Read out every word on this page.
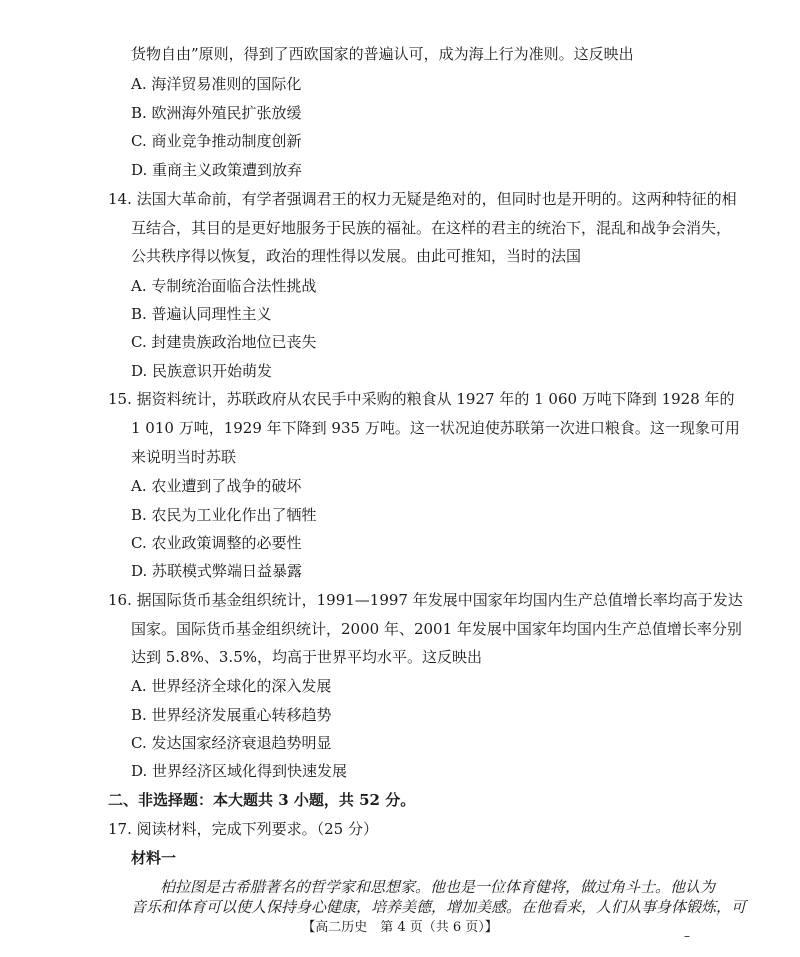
货物自由”原则，得到了西欧国家的普遍认可，成为海上行为准则。这反映出
A. 海洋贸易准则的国际化
B. 欧洲海外殖民扩张放缓
C. 商业竞争推动制度创新
D. 重商主义政策遭到放弃
14. 法国大革命前，有学者强调君王的权力无疑是绝对的，但同时也是开明的。这两种特征的相
互结合，其目的是更好地服务于民族的福祉。在这样的君主的统治下，混乱和战争会消失，
公共秩序得以恢复，政治的理性得以发展。由此可推知，当时的法国
A. 专制统治面临合法性挑战
B. 普遍认同理性主义
C. 封建贵族政治地位已丧失
D. 民族意识开始萌发
15. 据资料统计，苏联政府从农民手中采购的粮食从 1927 年的 1 060 万吨下降到 1928 年的
1 010 万吨，1929 年下降到 935 万吨。这一状况迫使苏联第一次进口粮食。这一现象可用
来说明当时苏联
A. 农业遭到了战争的破坏
B. 农民为工业化作出了牺牲
C. 农业政策调整的必要性
D. 苏联模式弊端日益暴露
16. 据国际货币基金组织统计，1991—1997 年发展中国家年均国内生产总值增长率均高于发达
国家。国际货币基金组织统计，2000 年、2001 年发展中国家年均国内生产总值增长率分别
达到 5.8%、3.5%，均高于世界平均水平。这反映出
A. 世界经济全球化的深入发展
B. 世界经济发展重心转移趋势
C. 发达国家经济衰退趋势明显
D. 世界经济区域化得到快速发展
二、非选择题：本大题共 3 小题，共 52 分。
17. 阅读材料，完成下列要求。（25 分）
材料一
柏拉图是古希腊著名的哲学家和思想家。他也是一位体育健将，做过角斗士。他认为
音乐和体育可以使人保持身心健康，培养美德，增加美感。在他看来，人们从事身体锻炼，可
【高二历史　第 4 页（共 6 页）】
–
